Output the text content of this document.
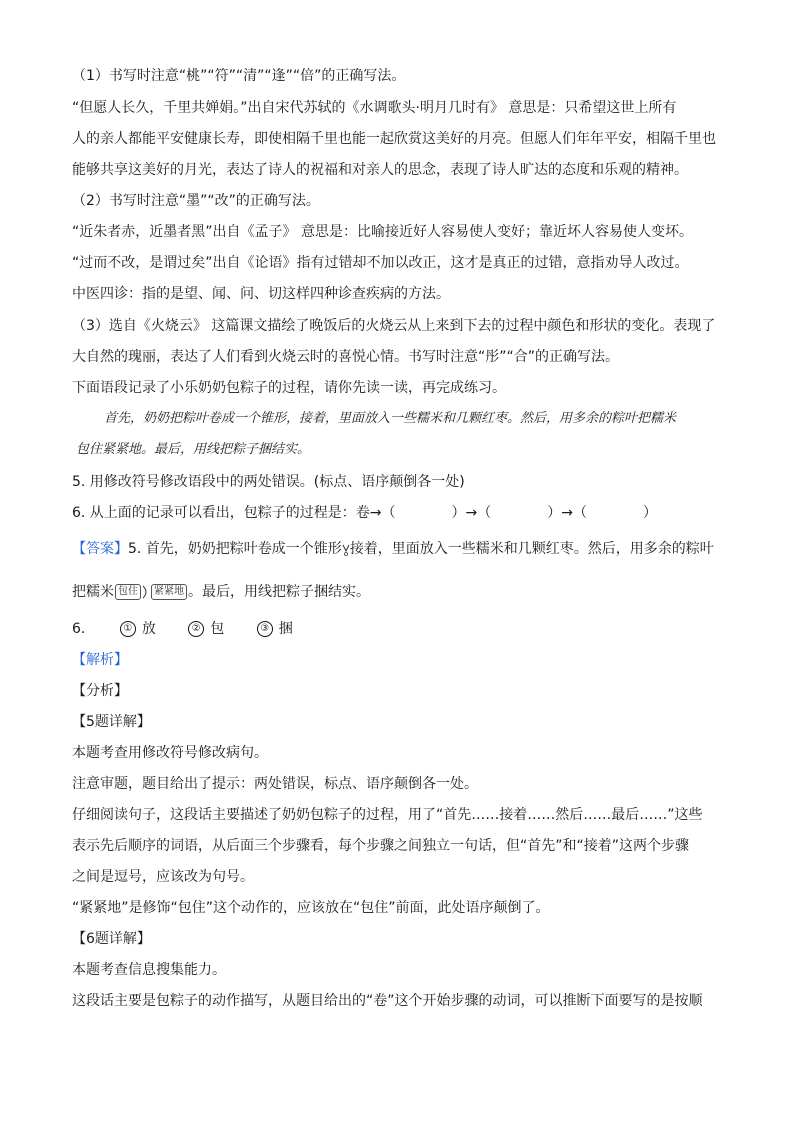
（1）书写时注意“桃”“符”“清”“逢”“倍”的正确写法。
“但愿人长久，千里共婵娟。”出自宋代苏轼的《水调歌头·明月几时有》 意思是：只希望这世上所有
人的亲人都能平安健康长寿，即使相隔千里也能一起欣赏这美好的月亮。但愿人们年年平安，相隔千里也
能够共享这美好的月光，表达了诗人的祝福和对亲人的思念，表现了诗人旷达的态度和乐观的精神。
（2）书写时注意“墨”“改”的正确写法。
“近朱者赤，近墨者黑”出自《孟子》 意思是：比喻接近好人容易使人变好；靠近坏人容易使人变坏。
“过而不改，是谓过矣”出自《论语》指有过错却不加以改正，这才是真正的过错，意指劝导人改过。
中医四诊：指的是望、闻、问、切这样四种诊查疾病的方法。
（3）选自《火烧云》 这篇课文描绘了晚饭后的火烧云从上来到下去的过程中颜色和形状的变化。表现了
大自然的瑰丽，表达了人们看到火烧云时的喜悦心情。书写时注意“彤”“合”的正确写法。
下面语段记录了小乐奶奶包粽子的过程，请你先读一读，再完成练习。
首先，奶奶把粽叶卷成一个锥形，接着，里面放入一些糯米和几颗红枣。然后，用多余的粽叶把糯米
包住紧紧地。最后，用线把粽子捆结实。
5. 用修改符号修改语段中的两处错误。(标点、语序颠倒各一处)
6. 从上面的记录可以看出，包粽子的过程是：卷→（	）→（	）→（	）
【答案】5. 首先，奶奶把粽叶卷成一个锥形 接着，里面放入一些糯米和几颗红枣。然后，用多余的粽叶
把糯米 包住 紧紧地 。最后，用线把粽子捆结实。
6.	① 放	② 包	③ 捆
【解析】
【分析】
【5题详解】
本题考查用修改符号修改病句。
注意审题，题目给出了提示：两处错误，标点、语序颠倒各一处。
仔细阅读句子，这段话主要描述了奶奶包粽子的过程，用了“首先……接着……然后……最后……”这些
表示先后顺序的词语，从后面三个步骤看，每个步骤之间独立一句话，但“首先”和“接着”这两个步骤
之间是逗号，应该改为句号。
“紧紧地”是修饰“包住”这个动作的，应该放在“包住”前面，此处语序颠倒了。
【6题详解】
本题考查信息搜集能力。
这段话主要是包粽子的动作描写，从题目给出的“卷”这个开始步骤的动词，可以推断下面要写的是按顺
